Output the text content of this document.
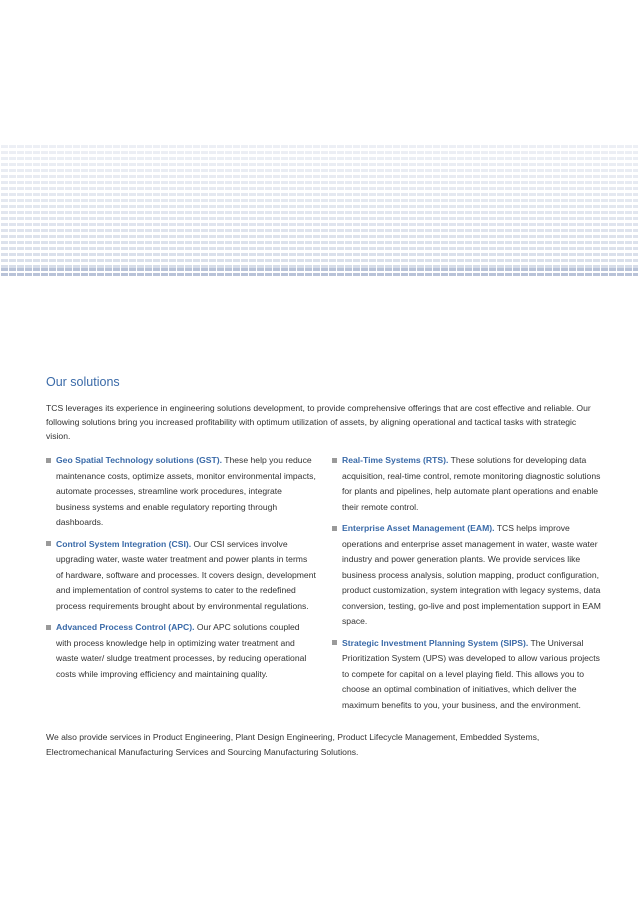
Our solutions
TCS leverages its experience in engineering solutions development, to provide comprehensive offerings that are cost effective and reliable. Our following solutions bring you increased profitability with optimum utilization of assets, by aligning operational and tactical tasks with strategic vision.
Geo Spatial Technology solutions (GST). These help you reduce maintenance costs, optimize assets, monitor environmental impacts, automate processes, streamline work procedures, integrate business systems and enable regulatory reporting through dashboards.
Control System Integration (CSI). Our CSI services involve upgrading water, waste water treatment and power plants in terms of hardware, software and processes. It covers design, development and implementation of control systems to cater to the redefined process requirements brought about by environmental regulations.
Advanced Process Control (APC). Our APC solutions coupled with process knowledge help in optimizing water treatment and waste water/ sludge treatment processes, by reducing operational costs while improving efficiency and maintaining quality.
Real-Time Systems (RTS). These solutions for developing data acquisition, real-time control, remote monitoring diagnostic solutions for plants and pipelines, help automate plant operations and enable their remote control.
Enterprise Asset Management (EAM). TCS helps improve operations and enterprise asset management in water, waste water industry and power generation plants. We provide services like business process analysis, solution mapping, product configuration, product customization, system integration with legacy systems, data conversion, testing, go-live and post implementation support in EAM space.
Strategic Investment Planning System (SIPS). The Universal Prioritization System (UPS) was developed to allow various projects to compete for capital on a level playing field. This allows you to choose an optimal combination of initiatives, which deliver the maximum benefits to you, your business, and the environment.
We also provide services in Product Engineering, Plant Design Engineering, Product Lifecycle Management, Embedded Systems, Electromechanical Manufacturing Services and Sourcing Manufacturing Solutions.
